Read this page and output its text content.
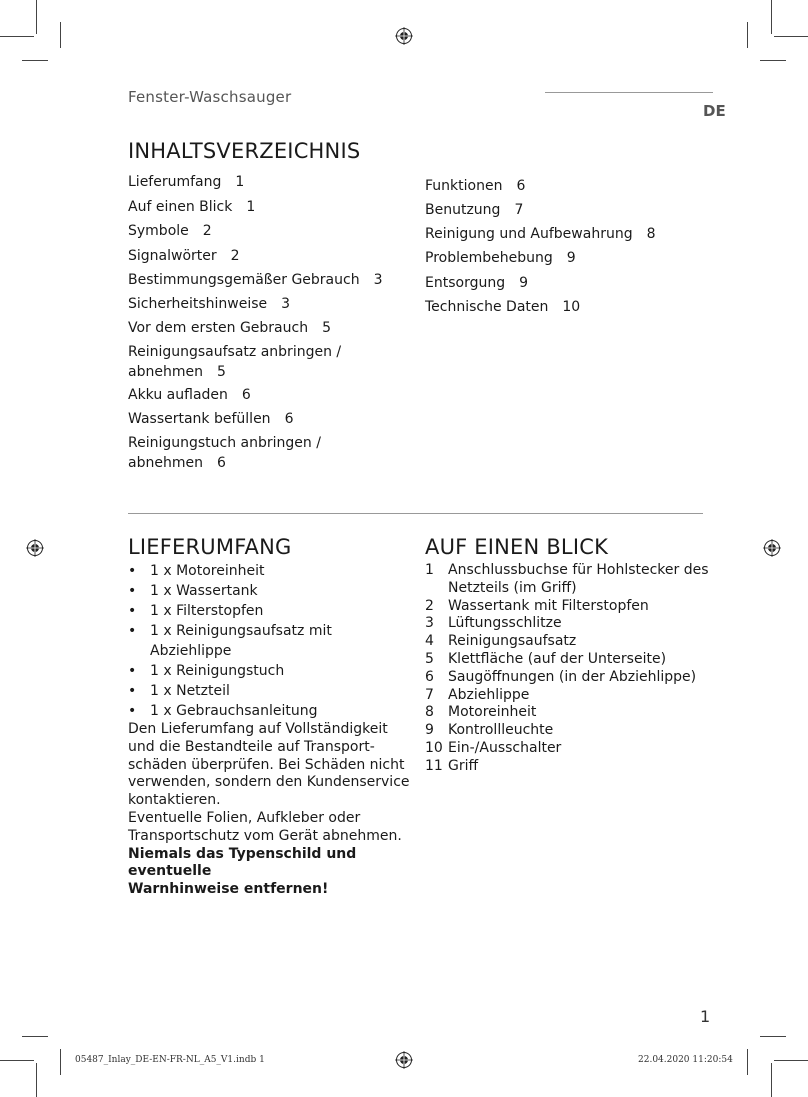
Fenster-Waschsauger
DE
INHALTSVERZEICHNIS
Lieferumfang 1
Auf einen Blick 1
Symbole 2
Signalwörter 2
Bestimmungsgemäßer Gebrauch 3
Sicherheitshinweise 3
Vor dem ersten Gebrauch 5
Reinigungsaufsatz anbringen /
abnehmen 5
Akku aufladen 6
Wassertank befüllen 6
Reinigungstuch anbringen /
abnehmen 6
Funktionen 6
Benutzung 7
Reinigung und Aufbewahrung 8
Problembehebung 9
Entsorgung 9
Technische Daten 10
LIEFERUMFANG
• 1 x Motoreinheit
• 1 x Wassertank
• 1 x Filterstopfen
• 1 x Reinigungsaufsatz mit Abziehlippe
• 1 x Reinigungstuch
• 1 x Netzteil
• 1 x Gebrauchsanleitung
Den Lieferumfang auf Vollständigkeit
und die Bestandteile auf Transport-
schäden überprüfen. Bei Schäden nicht
verwenden, sondern den Kundenservice
kontaktieren.
Eventuelle Folien, Aufkleber oder
Transportschutz vom Gerät abnehmen.
Niemals das Typenschild und eventuelle
Warnhinweise entfernen!
AUF EINEN BLICK
1	Anschlussbuchse für Hohlstecker des
Netzteils (im Griff)
2	Wassertank mit Filterstopfen
3	Lüftungsschlitze
4	Reinigungsaufsatz
5	Klettfläche (auf der Unterseite)
6	Saugöffnungen (in der Abziehlippe)
7	Abziehlippe
8	Motoreinheit
9	Kontrollleuchte
10 Ein-/Ausschalter
11 Griff
1
05487_Inlay_DE-EN-FR-NL_A5_V1.indb 1	22.04.2020 11:20:54
